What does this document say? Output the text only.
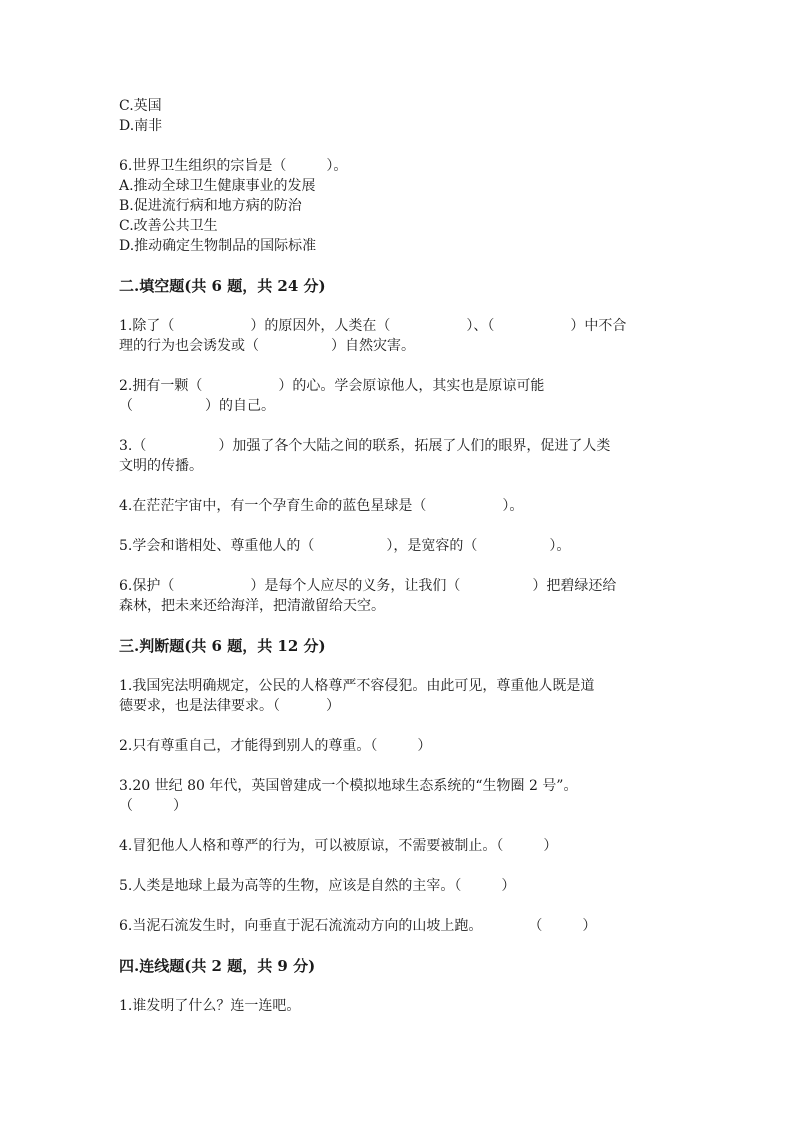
C.英国
D.南非
6.世界卫生组织的宗旨是（	）。
A.推动全球卫生健康事业的发展
B.促进流行病和地方病的防治
C.改善公共卫生
D.推动确定生物制品的国际标准
二.填空题(共 6 题，共 24 分)
1.除了（	）的原因外，人类在（	）、（	）中不合
理的行为也会诱发或（	）自然灾害。
2.拥有一颗（	）的心。学会原谅他人，其实也是原谅可能
（	）的自己。
3.（	）加强了各个大陆之间的联系，拓展了人们的眼界，促进了人类
文明的传播。
4.在茫茫宇宙中，有一个孕育生命的蓝色星球是（	）。
5.学会和谐相处、尊重他人的（	），是宽容的（	）。
6.保护（	）是每个人应尽的义务，让我们（	）把碧绿还给
森林，把未来还给海洋，把清澈留给天空。
三.判断题(共 6 题，共 12 分)
1.我国宪法明确规定，公民的人格尊严不容侵犯。由此可见，尊重他人既是道
德要求，也是法律要求。（	）
2.只有尊重自己，才能得到别人的尊重。（	）
3.20 世纪 80 年代，英国曾建成一个模拟地球生态系统的“生物圈 2 号”。
（	）
4.冒犯他人人格和尊严的行为，可以被原谅，不需要被制止。（	）
5.人类是地球上最为高等的生物，应该是自然的主宰。（	）
6.当泥石流发生时，向垂直于泥石流流动方向的山坡上跑。	（	）
四.连线题(共 2 题，共 9 分)
1.谁发明了什么？连一连吧。
